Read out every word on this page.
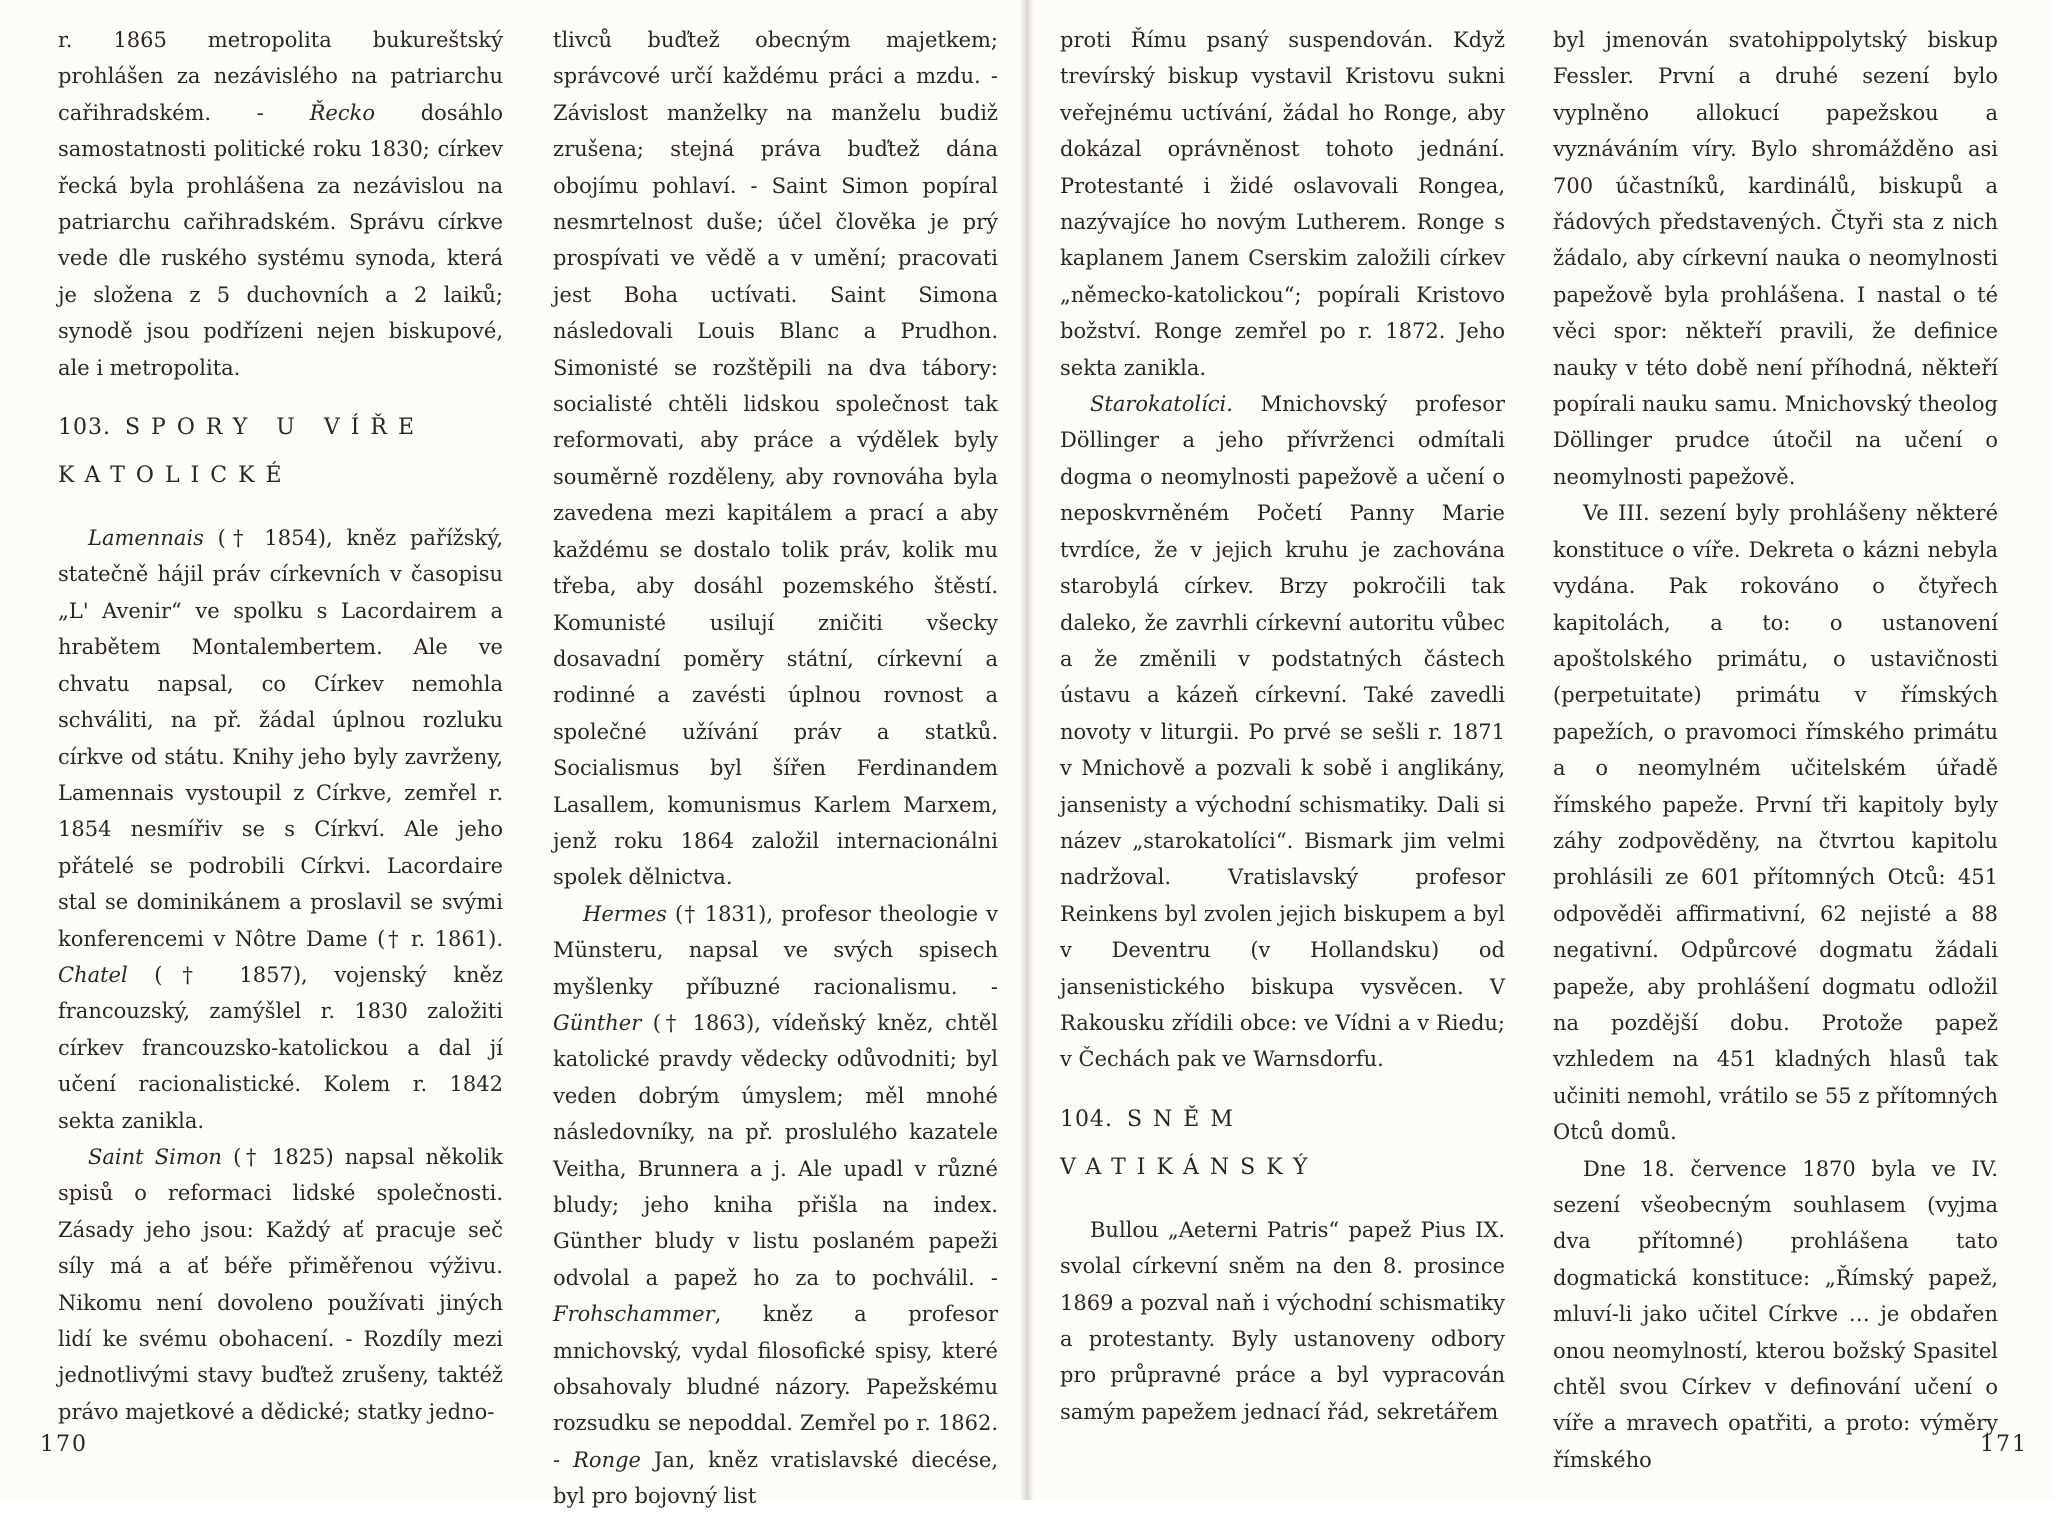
r. 1865 metropolita bukureštský prohlášen za nezávislého na patriarchu cařihradském. - Řecko dosáhlo samostatnosti politické roku 1830; církev řecká byla prohlášena za nezávislou na patriarchu cařihradském. Správu církve vede dle ruského systému synoda, která je složena z 5 duchovních a 2 laiků; synodě jsou podřízeni nejen biskupové, ale i metropolita.

103. SPORY U VÍŘE KATOLICKÉ

Lamennais († 1854), kněz pařížský, statečně hájil práv církevních v časopisu „L' Avenir“ ve spolku s Lacordairem a hrabětem Montalembertem. Ale ve chvatu napsal, co Církev nemohla schváliti, na př. žádal úplnou rozluku církve od státu. Knihy jeho byly zavrženy, Lamennais vystoupil z Církve, zemřel r. 1854 nesmířiv se s Církví. Ale jeho přátelé se podrobili Církvi. Lacordaire stal se dominikánem a proslavil se svými konferencemi v Nôtre Dame († r. 1861). Chatel († 1857), vojenský kněz francouzský, zamýšlel r. 1830 založiti církev francouzsko-katolickou a dal jí učení racionalistické. Kolem r. 1842 sekta zanikla.

Saint Simon († 1825) napsal několik spisů o reformaci lidské společnosti. Zásady jeho jsou: Každý ať pracuje seč síly má a ať béře přiměřenou výživu. Nikomu není dovoleno používati jiných lidí ke svému obohacení. - Rozdíly mezi jednotlivými stavy buďtež zrušeny, taktéž právo majetkové a dědické; statky jedno-

tlivců buďtež obecným majetkem; správcové určí každému práci a mzdu. - Závislost manželky na manželu budiž zrušena; stejná práva buďtež dána obojímu pohlaví. - Saint Simon popíral nesmrtelnost duše; účel člověka je prý prospívati ve vědě a v umění; pracovati jest Boha uctívati. Saint Simona následovali Louis Blanc a Prudhon. Simonisté se rozštěpili na dva tábory: socialisté chtěli lidskou společnost tak reformovati, aby práce a výdělek byly souměrně rozděleny, aby rovnováha byla zavedena mezi kapitálem a prací a aby každému se dostalo tolik práv, kolik mu třeba, aby dosáhl pozemského štěstí. Komunisté usilují zničiti všecky dosavadní poměry státní, církevní a rodinné a zavésti úplnou rovnost a společné užívání práv a statků. Socialismus byl šířen Ferdinandem Lasallem, komunismus Karlem Marxem, jenž roku 1864 založil internacionálni spolek dělnictva.

Hermes († 1831), profesor theologie v Münsteru, napsal ve svých spisech myšlenky příbuzné racionalismu. - Günther († 1863), vídeňský kněz, chtěl katolické pravdy vědecky odůvodniti; byl veden dobrým úmyslem; měl mnohé následovníky, na př. proslulého kazatele Veitha, Brunnera a j. Ale upadl v různé bludy; jeho kniha přišla na index. Günther bludy v listu poslaném papeži odvolal a papež ho za to pochválil. - Frohschammer, kněz a profesor mnichovský, vydal filosofické spisy, které obsahovaly bludné názory. Papežskému rozsudku se nepoddal. Zemřel po r. 1862. - Ronge Jan, kněz vratislavské diecése, byl pro bojovný list

proti Římu psaný suspendován. Když trevírský biskup vystavil Kristovu sukni veřejnému uctívání, žádal ho Ronge, aby dokázal oprávněnost tohoto jednání. Protestanté i židé oslavovali Rongea, nazývajíce ho novým Lutherem. Ronge s kaplanem Janem Cserskim založili církev „německo-katolickou“; popírali Kristovo božství. Ronge zemřel po r. 1872. Jeho sekta zanikla.

Starokatolíci. Mnichovský profesor Döllinger a jeho přívrženci odmítali dogma o neomylnosti papežově a učení o neposkvrněném Početí Panny Marie tvrdíce, že v jejich kruhu je zachována starobylá církev. Brzy pokročili tak daleko, že zavrhli církevní autoritu vůbec a že změnili v podstatných částech ústavu a kázeň církevní. Také zavedli novoty v liturgii. Po prvé se sešli r. 1871 v Mnichově a pozvali k sobě i anglikány, jansenisty a východní schismatiky. Dali si název „starokatolíci“. Bismark jim velmi nadržoval. Vratislavský profesor Reinkens byl zvolen jejich biskupem a byl v Deventru (v Hollandsku) od jansenistického biskupa vysvěcen. V Rakousku zřídili obce: ve Vídni a v Riedu; v Čechách pak ve Warnsdorfu.

104. SNĚM VATIKÁNSKÝ

Bullou „Aeterni Patris“ papež Pius IX. svolal církevní sněm na den 8. prosince 1869 a pozval naň i východní schismatiky a protestanty. Byly ustanoveny odbory pro průpravné práce a byl vypracován samým papežem jednací řád, sekretářem

byl jmenován svatohippolytský biskup Fessler. První a druhé sezení bylo vyplněno allokucí papežskou a vyznáváním víry. Bylo shromážděno asi 700 účastníků, kardinálů, biskupů a řádových představených. Čtyři sta z nich žádalo, aby církevní nauka o neomylnosti papežově byla prohlášena. I nastal o té věci spor: někteří pravili, že definice nauky v této době není příhodná, někteří popírali nauku samu. Mnichovský theolog Döllinger prudce útočil na učení o neomylnosti papežově.

Ve III. sezení byly prohlášeny některé konstituce o víře. Dekreta o kázni nebyla vydána. Pak rokováno o čtyřech kapitolách, a to: o ustanovení apoštolského primátu, o ustavičnosti (perpetuitate) primátu v římských papežích, o pravomoci římského primátu a o neomylném učitelském úřadě římského papeže. První tři kapitoly byly záhy zodpověděny, na čtvrtou kapitolu prohlásili ze 601 přítomných Otců: 451 odpověděi affirmativní, 62 nejisté a 88 negativní. Odpůrcové dogmatu žádali papeže, aby prohlášení dogmatu odložil na pozdější dobu. Protože papež vzhledem na 451 kladných hlasů tak učiniti nemohl, vrátilo se 55 z přítomných Otců domů.

Dne 18. července 1870 byla ve IV. sezení všeobecným souhlasem (vyjma dva přítomné) prohlášena tato dogmatická konstituce: „Římský papež, mluví-li jako učitel Církve … je obdařen onou neomylností, kterou božský Spasitel chtěl svou Církev v definování učení o víře a mravech opatřiti, a proto: výměry římského

170	171
